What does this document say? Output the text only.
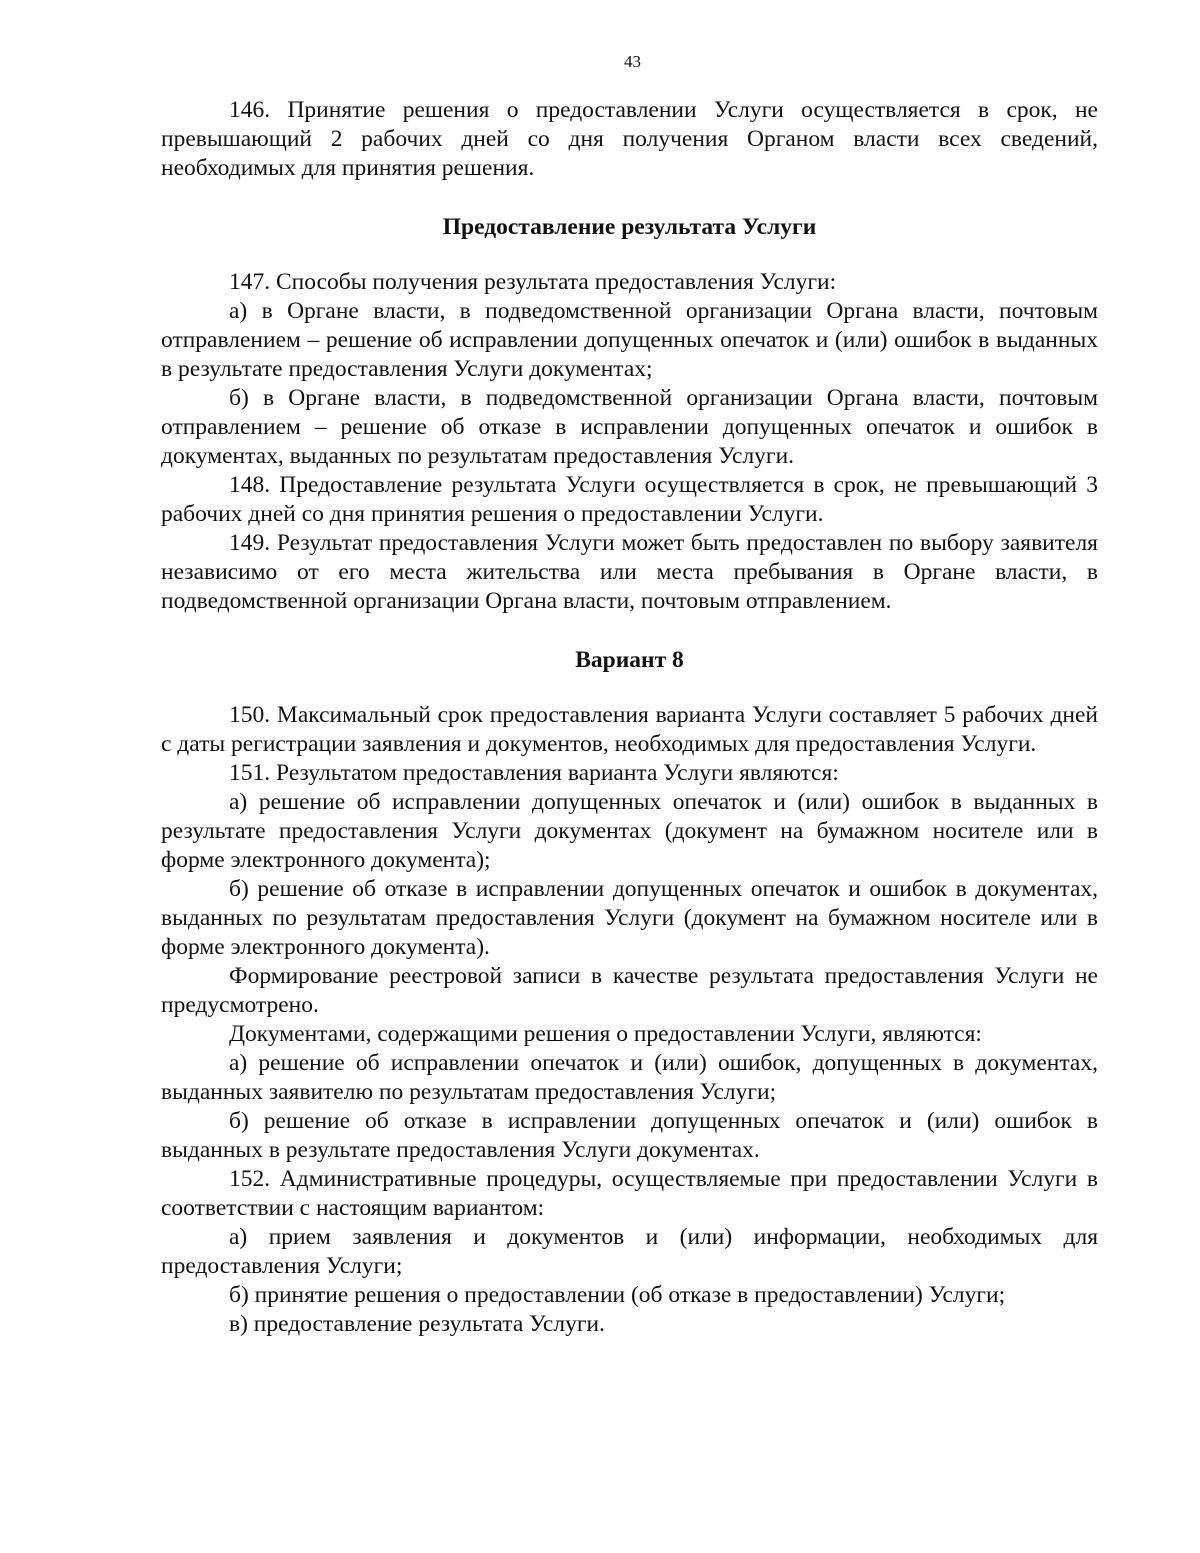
43

146. Принятие решения о предоставлении Услуги осуществляется в срок, не превышающий 2 рабочих дней со дня получения Органом власти всех сведений, необходимых для принятия решения.

Предоставление результата Услуги

147. Способы получения результата предоставления Услуги:

а) в Органе власти, в подведомственной организации Органа власти, почтовым отправлением – решение об исправлении допущенных опечаток и (или) ошибок в выданных в результате предоставления Услуги документах;

б) в Органе власти, в подведомственной организации Органа власти, почтовым отправлением – решение об отказе в исправлении допущенных опечаток и ошибок в документах, выданных по результатам предоставления Услуги.

148. Предоставление результата Услуги осуществляется в срок, не превышающий 3 рабочих дней со дня принятия решения о предоставлении Услуги.

149. Результат предоставления Услуги может быть предоставлен по выбору заявителя независимо от его места жительства или места пребывания в Органе власти, в подведомственной организации Органа власти, почтовым отправлением.

Вариант 8

150. Максимальный срок предоставления варианта Услуги составляет 5 рабочих дней с даты регистрации заявления и документов, необходимых для предоставления Услуги.

151. Результатом предоставления варианта Услуги являются:

а) решение об исправлении допущенных опечаток и (или) ошибок в выданных в результате предоставления Услуги документах (документ на бумажном носителе или в форме электронного документа);

б) решение об отказе в исправлении допущенных опечаток и ошибок в документах, выданных по результатам предоставления Услуги (документ на бумажном носителе или в форме электронного документа).

Формирование реестровой записи в качестве результата предоставления Услуги не предусмотрено.

Документами, содержащими решения о предоставлении Услуги, являются:

а) решение об исправлении опечаток и (или) ошибок, допущенных в документах, выданных заявителю по результатам предоставления Услуги;

б) решение об отказе в исправлении допущенных опечаток и (или) ошибок в выданных в результате предоставления Услуги документах.

152. Административные процедуры, осуществляемые при предоставлении Услуги в соответствии с настоящим вариантом:

а) прием заявления и документов и (или) информации, необходимых для предоставления Услуги;

б) принятие решения о предоставлении (об отказе в предоставлении) Услуги;

в) предоставление результата Услуги.
